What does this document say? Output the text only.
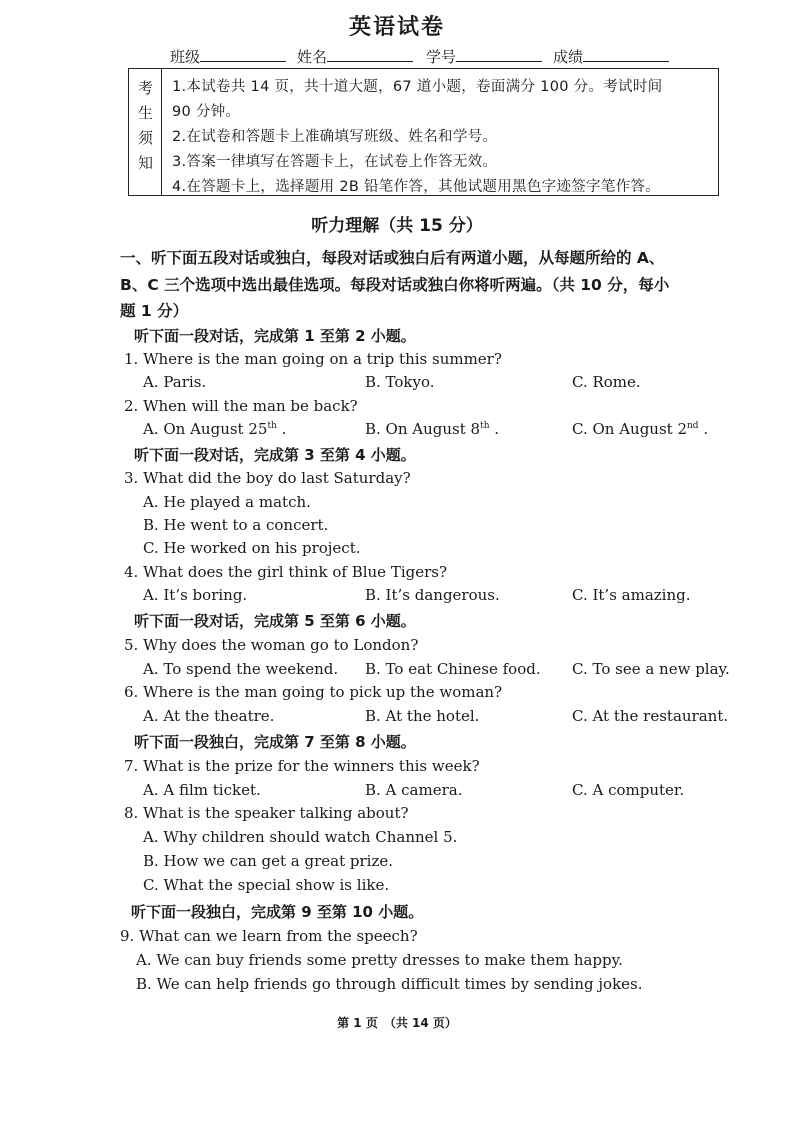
英语试卷
班级	姓名	学号	成绩
考
生
须
知
1.本试卷共 14 页，共十道大题，67 道小题，卷面满分 100 分。考试时间
90 分钟。
2.在试卷和答题卡上准确填写班级、姓名和学号。
3.答案一律填写在答题卡上，在试卷上作答无效。
4.在答题卡上，选择题用 2B 铅笔作答，其他试题用黑色字迹签字笔作答。
听力理解（共 15 分）
一、听下面五段对话或独白，每段对话或独白后有两道小题，从每题所给的 A、
B、C 三个选项中选出最佳选项。每段对话或独白你将听两遍。（共 10 分，每小
题 1 分）
听下面一段对话，完成第 1 至第 2 小题。
1. Where is the man going on a trip this summer?
A. Paris.	B. Tokyo.	C. Rome.
2. When will the man be back?
A. On August 25th .	B. On August 8th .	C. On August 2nd .
听下面一段对话，完成第 3 至第 4 小题。
3. What did the boy do last Saturday?
A. He played a match.
B. He went to a concert.
C. He worked on his project.
4. What does the girl think of Blue Tigers?
A. It’s boring.	B. It’s dangerous.	C. It’s amazing.
听下面一段对话，完成第 5 至第 6 小题。
5. Why does the woman go to London?
A. To spend the weekend. B. To eat Chinese food. C. To see a new play.
6. Where is the man going to pick up the woman?
A. At the theatre.	B. At the hotel.	C. At the restaurant.
听下面一段独白，完成第 7 至第 8 小题。
7. What is the prize for the winners this week?
A. A film ticket.	B. A camera.	C. A computer.
8. What is the speaker talking about?
A. Why children should watch Channel 5.
B. How we can get a great prize.
C. What the special show is like.
听下面一段独白，完成第 9 至第 10 小题。
9. What can we learn from the speech?
A. We can buy friends some pretty dresses to make them happy.
B. We can help friends go through difficult times by sending jokes.
第 1 页　（共 14 页）
